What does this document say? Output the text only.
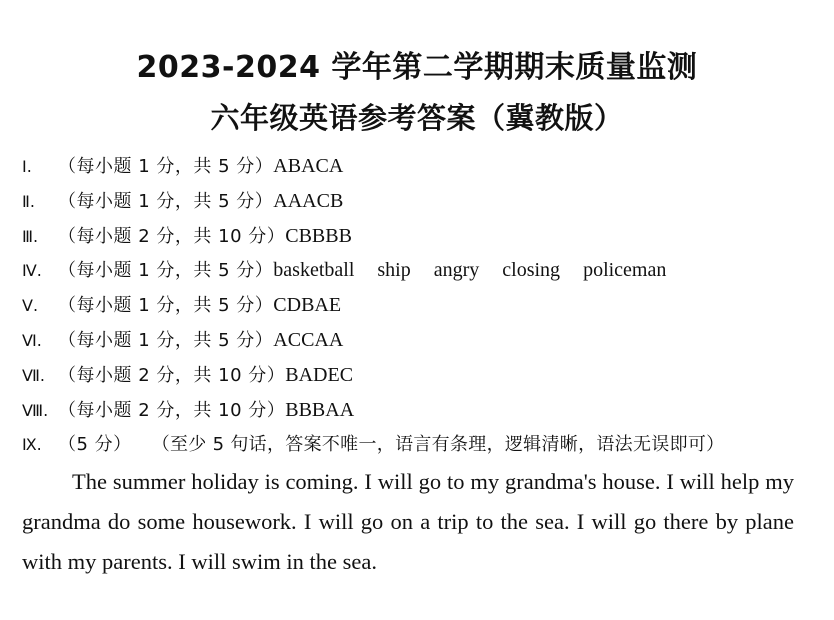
2023-2024 学年第二学期期末质量监测
六年级英语参考答案（冀教版）
Ⅰ.	（每小题 1 分，共 5 分） ABACA
Ⅱ.	（每小题 1 分，共 5 分） AAACB
Ⅲ.	（每小题 2 分，共 10 分） CBBBB
Ⅳ. （每小题 1 分，共 5 分） basketball ship angry closing policeman
Ⅴ.	（每小题 1 分，共 5 分） CDBAE
Ⅵ. （每小题 1 分，共 5 分） ACCAA
Ⅶ. （每小题 2 分，共 10 分） BADEC
Ⅷ. （每小题 2 分，共 10 分） BBBAA
Ⅸ. （5 分） （至少 5 句话，答案不唯一，语言有条理，逻辑清晰，语法无误即可）
The summer holiday is coming. I will go to my grandma's house. I will help my grandma do some housework. I will go on a trip to the sea. I will go there by plane with my parents. I will swim in the sea.
